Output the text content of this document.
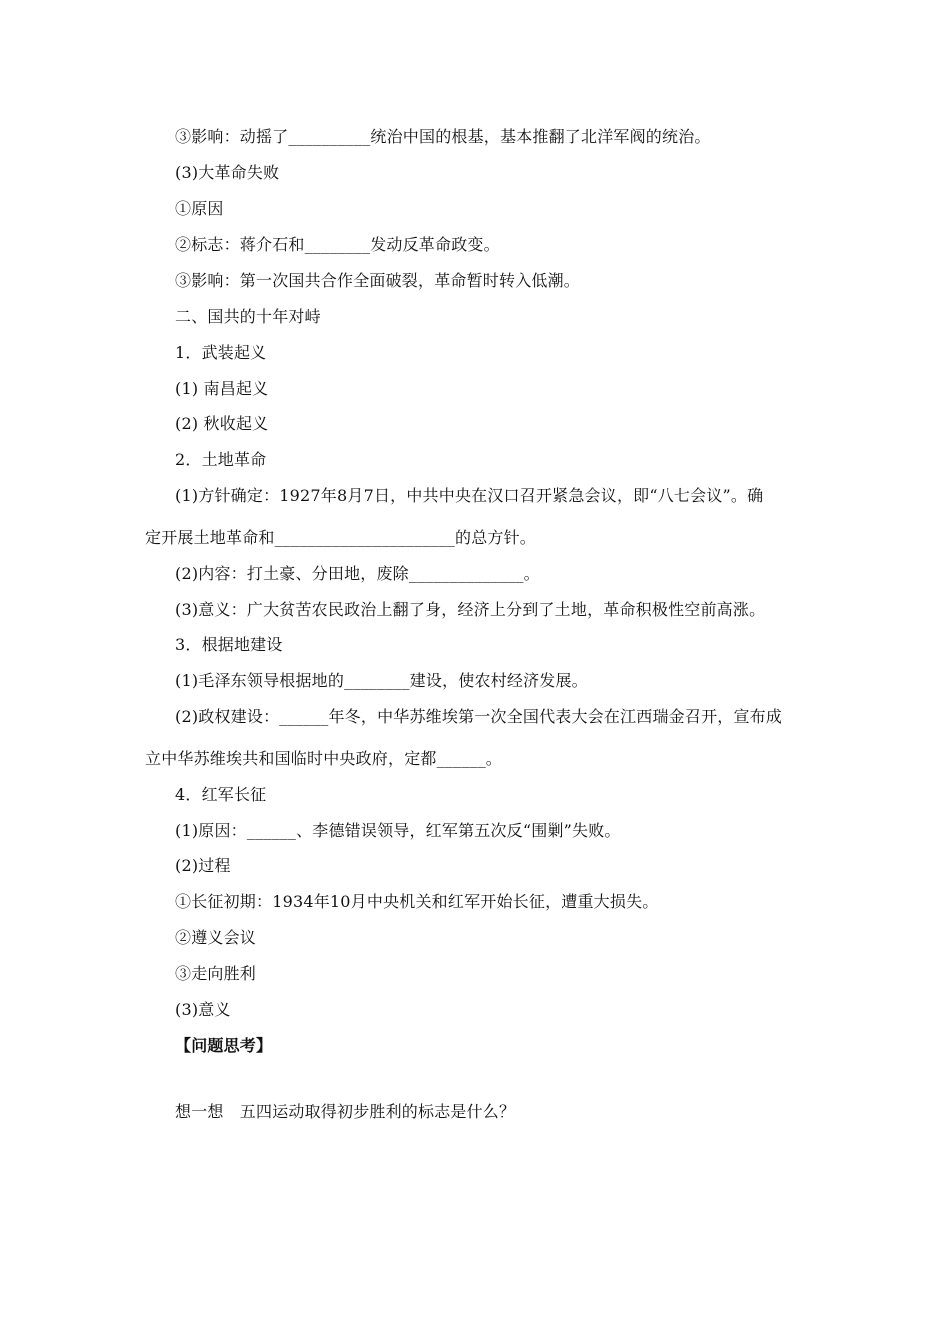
③影响：动摇了__________统治中国的根基，基本推翻了北洋军阀的统治。
(3)大革命失败
①原因
②标志：蒋介石和________发动反革命政变。
③影响：第一次国共合作全面破裂，革命暂时转入低潮。
二、国共的十年对峙
1．武装起义
(1) 南昌起义
(2) 秋收起义
2．土地革命
(1)方针确定：1927年8月7日，中共中央在汉口召开紧急会议，即“八七会议”。确
定开展土地革命和______________________的总方针。
(2)内容：打土豪、分田地，废除______________。
(3)意义：广大贫苦农民政治上翻了身，经济上分到了土地，革命积极性空前高涨。
3．根据地建设
(1)毛泽东领导根据地的________建设，使农村经济发展。
(2)政权建设：______年冬，中华苏维埃第一次全国代表大会在江西瑞金召开，宣布成
立中华苏维埃共和国临时中央政府，定都______。
4．红军长征
(1)原因：______、李德错误领导，红军第五次反“围剿”失败。
(2)过程
①长征初期：1934年10月中央机关和红军开始长征，遭重大损失。
②遵义会议
③走向胜利
(3)意义
【问题思考】
想一想　五四运动取得初步胜利的标志是什么？
